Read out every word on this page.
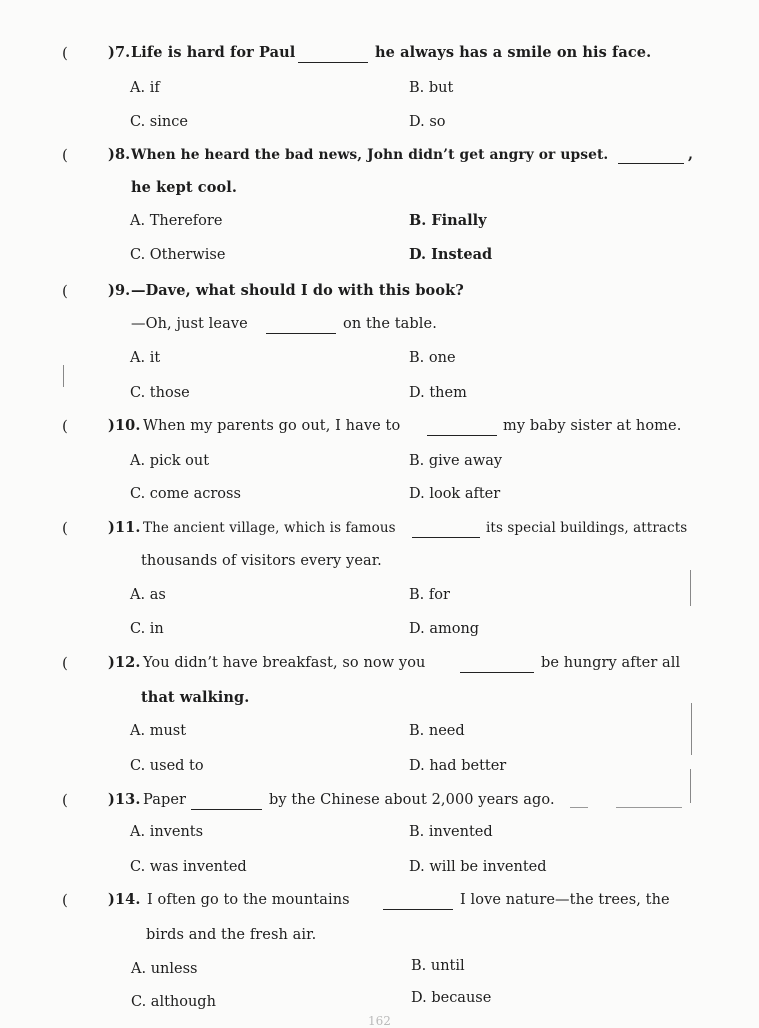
(	)7. Life is hard for Paul	he always has a smile on his face.
A. if	B. but
C. since	D. so
(	)8. When he heard the bad news, John didn’t get angry or upset.	,
he kept cool.
A. Therefore	B. Finally
C. Otherwise	D. Instead
(	)9. —Dave, what should I do with this book?
—Oh, just leave	on the table.
A. it	B. one
C. those	D. them
(	)10. When my parents go out, I have to	my baby sister at home.
A. pick out	B. give away
C. come across	D. look after
(	)11. The ancient village, which is famous	its special buildings, attracts
thousands of visitors every year.
A. as	B. for
C. in	D. among
(	)12. You didn’t have breakfast, so now you	be hungry after all
that walking.
A. must	B. need
C. used to	D. had better
(	)13. Paper	by the Chinese about 2,000 years ago.
A. invents	B. invented
C. was invented	D. will be invented
(	)14. I often go to the mountains	I love nature—the trees, the
birds and the fresh air.
A. unless	B. until
C. although	D. because
162
